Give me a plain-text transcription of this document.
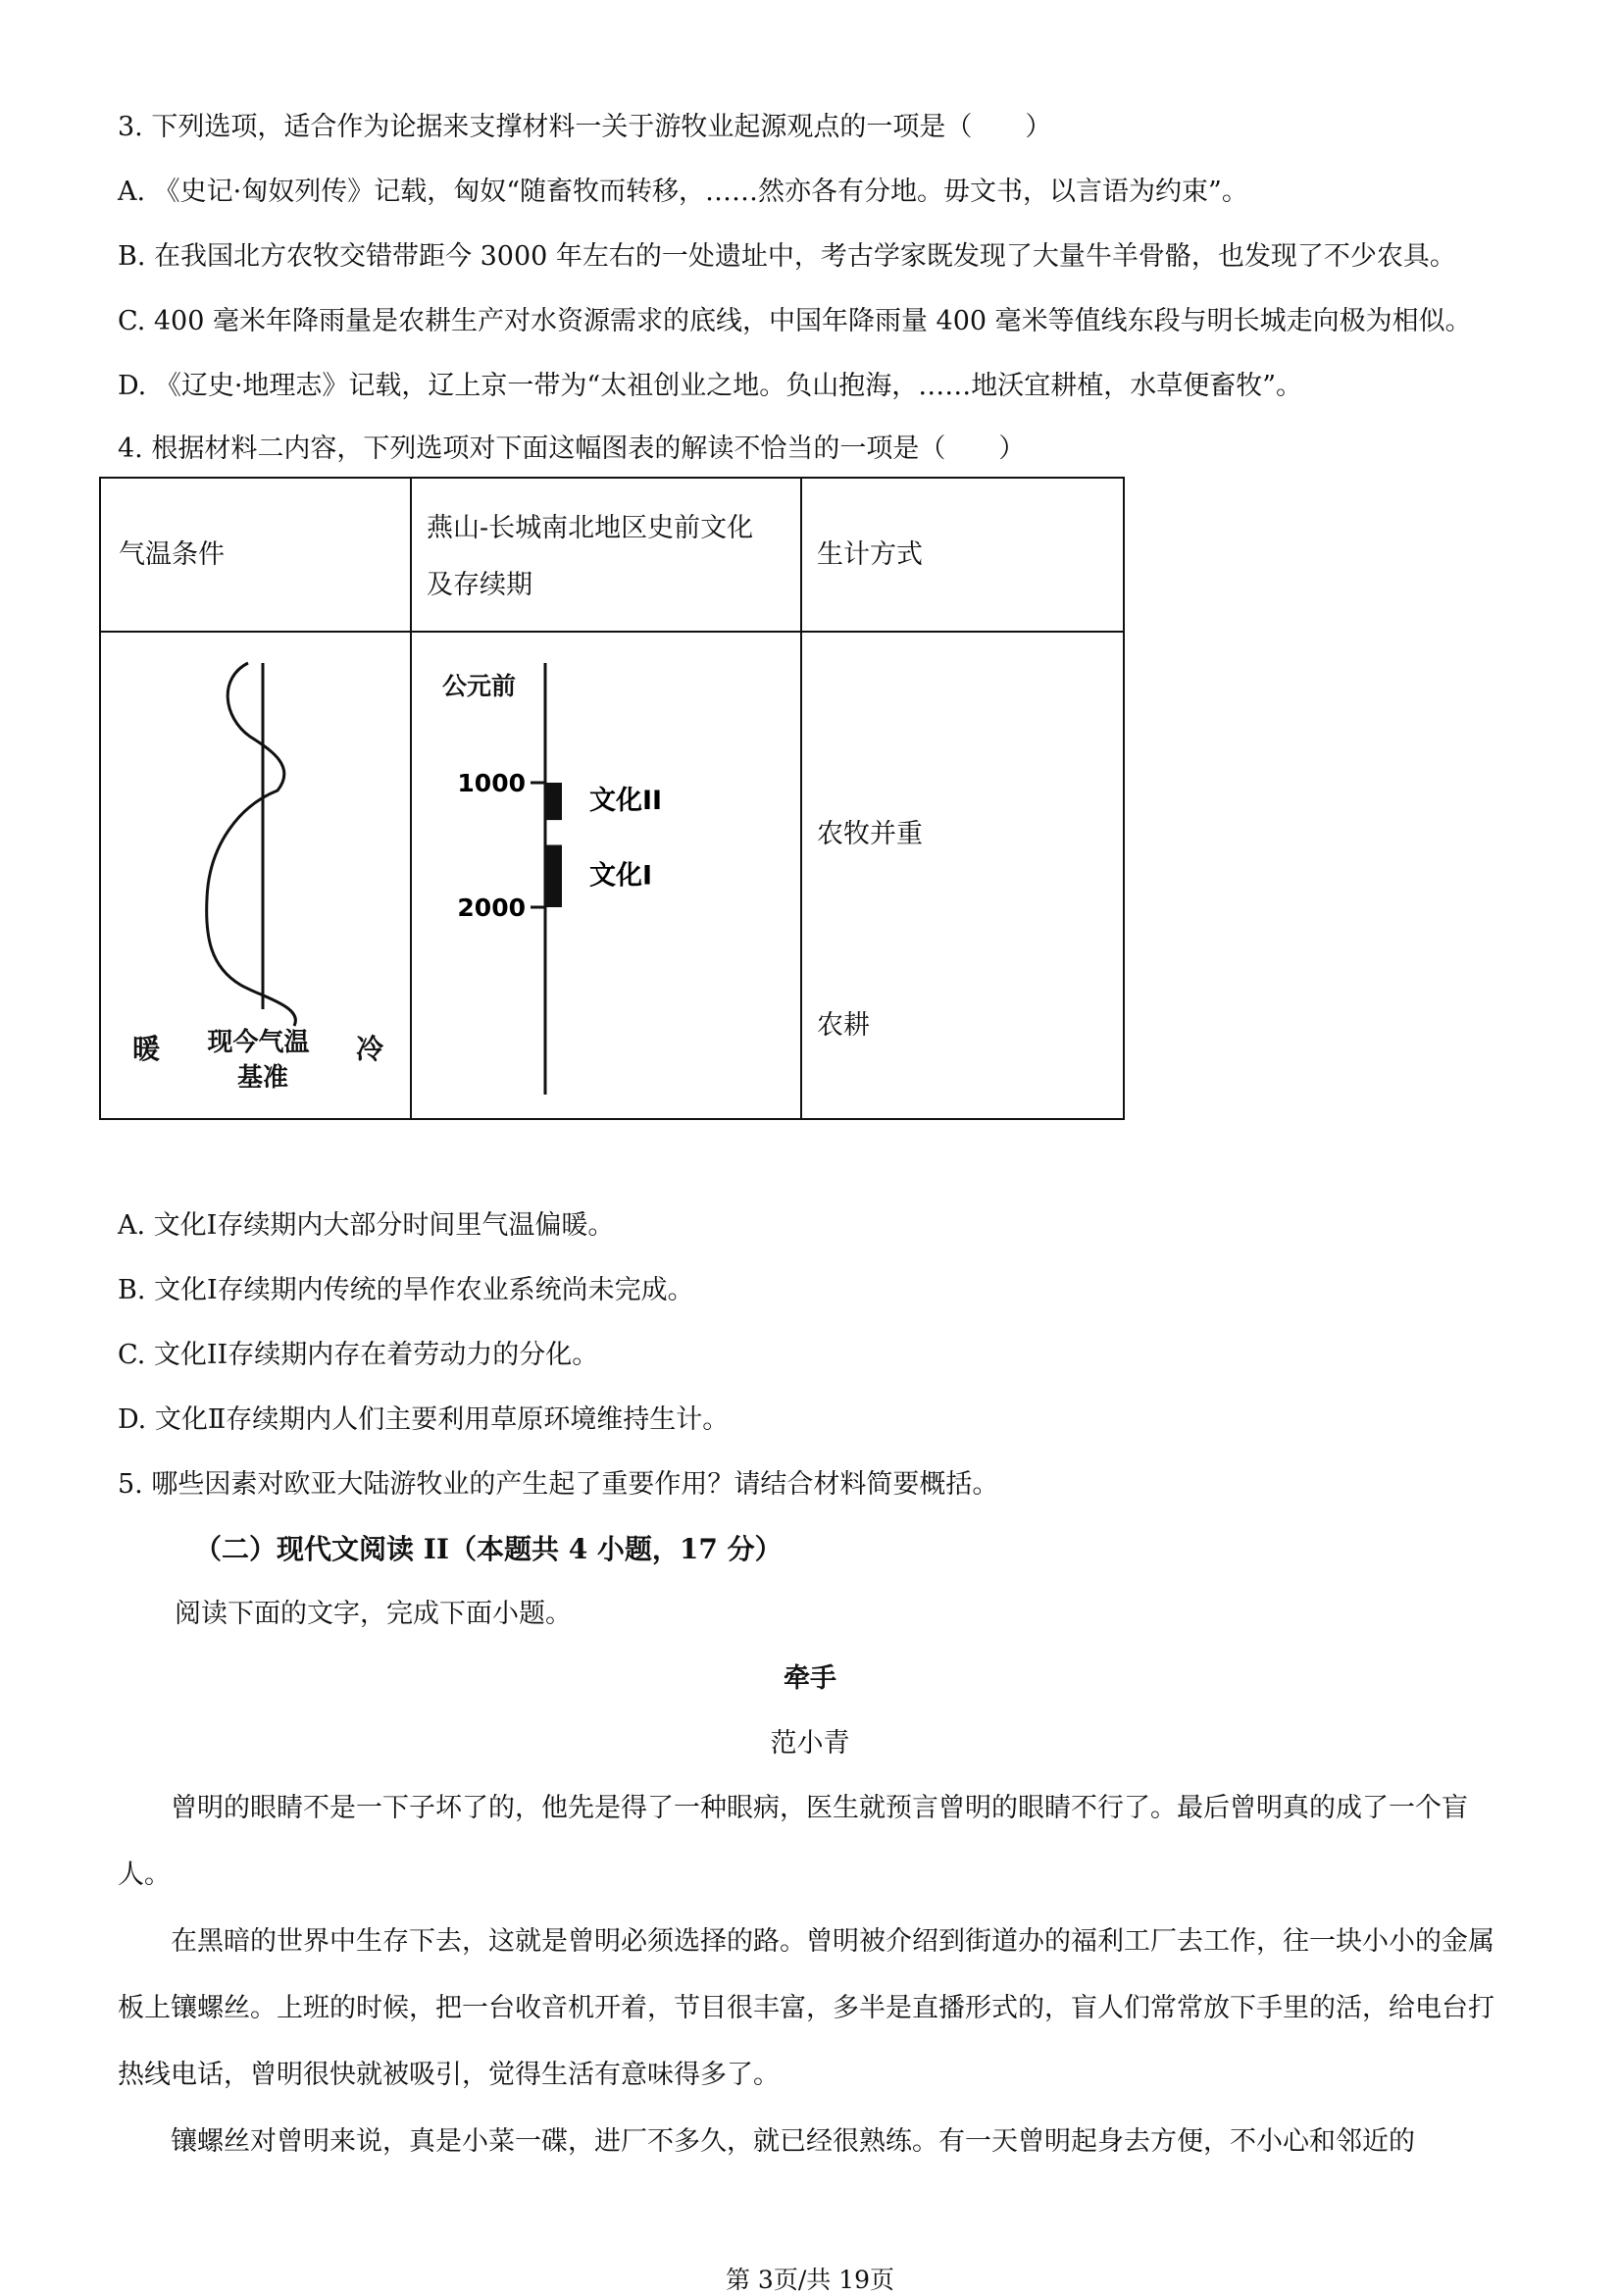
3. 下列选项，适合作为论据来支撑材料一关于游牧业起源观点的一项是（　　）
A. 《史记·匈奴列传》记载，匈奴“随畜牧而转移，……然亦各有分地。毋文书，以言语为约束”。
B. 在我国北方农牧交错带距今 3000 年左右的一处遗址中，考古学家既发现了大量牛羊骨骼，也发现了不少农具。
C. 400 毫米年降雨量是农耕生产对水资源需求的底线，中国年降雨量 400 毫米等值线东段与明长城走向极为相似。
D. 《辽史·地理志》记载，辽上京一带为“太祖创业之地。负山抱海，……地沃宜耕植，水草便畜牧”。
4. 根据材料二内容，下列选项对下面这幅图表的解读不恰当的一项是（　　）
气温条件
燕山-长城南北地区史前文化及存续期
生计方式
暖 现今气温 基准
冷
公元前
1000
2000
文化II
文化I
农牧并重
农耕
A. 文化Ⅰ存续期内大部分时间里气温偏暖。
B. 文化Ⅰ存续期内传统的旱作农业系统尚未完成。
C. 文化ΙΙ存续期内存在着劳动力的分化。
D. 文化Ⅱ存续期内人们主要利用草原环境维持生计。
5. 哪些因素对欧亚大陆游牧业的产生起了重要作用？请结合材料简要概括。
（二）现代文阅读 II（本题共 4 小题，17 分）
阅读下面的文字，完成下面小题。
牵手
范小青

曾明的眼睛不是一下子坏了的，他先是得了一种眼病，医生就预言曾明的眼睛不行了。最后曾明真的成了一个盲人。

在黑暗的世界中生存下去，这就是曾明必须选择的路。曾明被介绍到街道办的福利工厂去工作，往一块小小的金属板上镶螺丝。上班的时候，把一台收音机开着，节目很丰富，多半是直播形式的，盲人们常常放下手里的活，给电台打热线电话，曾明很快就被吸引，觉得生活有意味得多了。

镶螺丝对曾明来说，真是小菜一碟，进厂不多久，就已经很熟练。有一天曾明起身去方便，不小心和邻近的

第 3页/共 19页
